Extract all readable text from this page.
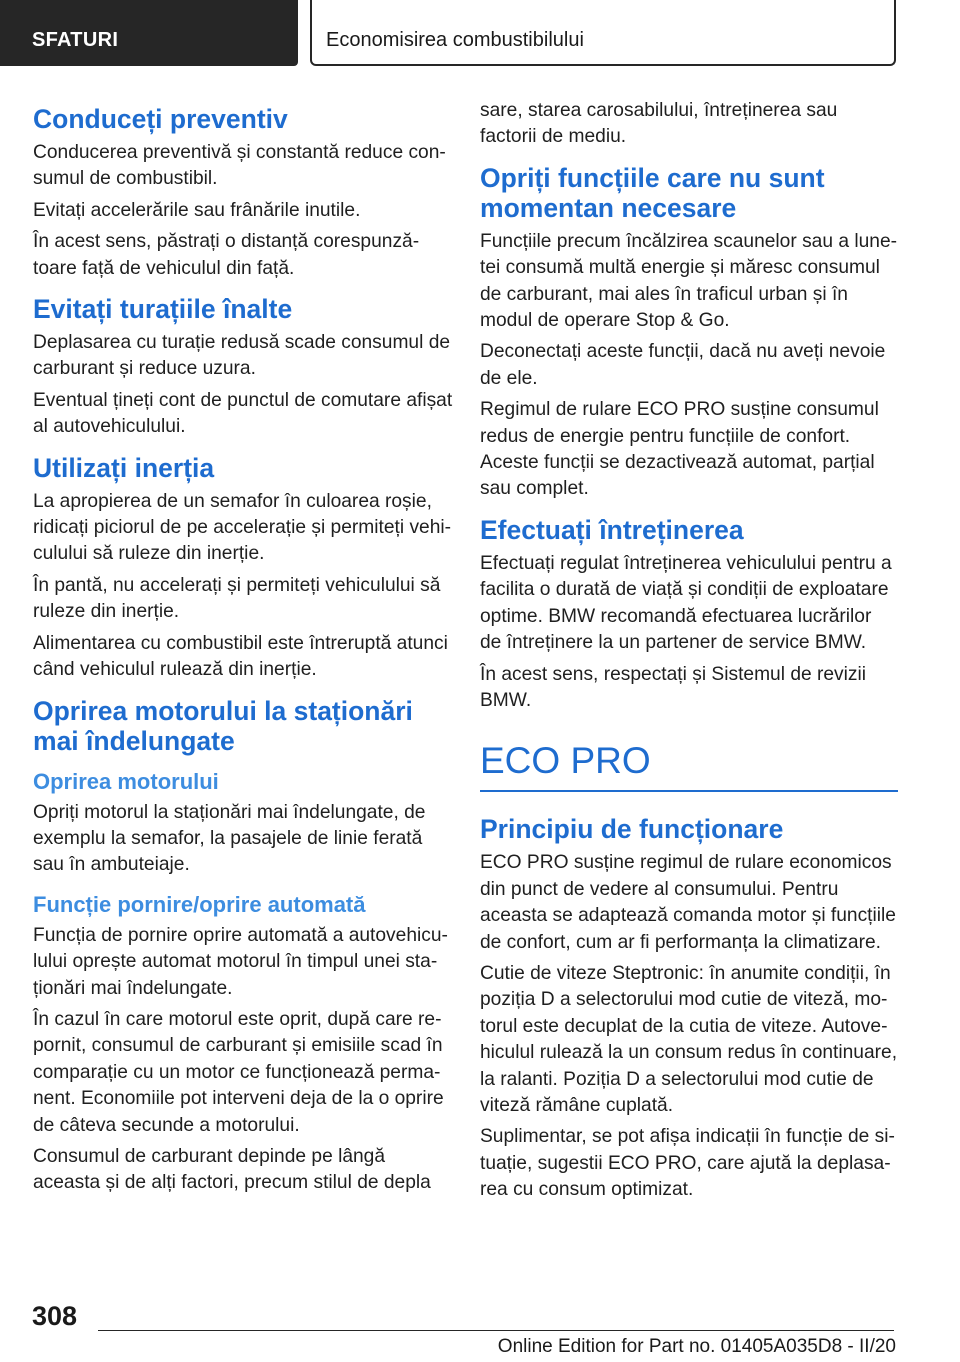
SFATURI	Economisirea combustibilului
Conduceți preventiv

Conducerea preventivă și constantă reduce consumul de combustibil.

Evitați accelerările sau frânările inutile.

În acest sens, păstrați o distanță corespunzătoare față de vehiculul din față.

Evitați turațiile înalte

Deplasarea cu turație redusă scade consumul de carburant și reduce uzura.

Eventual țineți cont de punctul de comutare afișat al autovehiculului.

Utilizați inerția

La apropierea de un semafor în culoarea roșie, ridicați piciorul de pe accelerație și permiteți vehiculului să ruleze din inerție.

În pantă, nu accelerați și permiteți vehiculului să ruleze din inerție.

Alimentarea cu combustibil este întreruptă atunci când vehiculul rulează din inerție.

Oprirea motorului la staționări mai îndelungate
Oprirea motorului

Opriți motorul la staționări mai îndelungate, de exemplu la semafor, la pasajele de linie ferată sau în ambuteiaje.

Funcție pornire/oprire automată

Funcția de pornire oprire automată a autovehiculului oprește automat motorul în timpul unei staționări mai îndelungate.

În cazul în care motorul este oprit, după care repornit, consumul de carburant și emisiile scad în comparație cu un motor ce funcționează permanent. Economiile pot interveni deja de la o oprire de câteva secunde a motorului.

Consumul de carburant depinde pe lângă aceasta și de alți factori, precum stilul de depla

sare, starea carosabilului, întreținerea sau factorii de mediu.

Opriți funcțiile care nu sunt momentan necesare

Funcțiile precum încălzirea scaunelor sau a lunetei consumă multă energie și măresc consumul de carburant, mai ales în traficul urban și în modul de operare Stop & Go.

Deconectați aceste funcții, dacă nu aveți nevoie de ele.

Regimul de rulare ECO PRO susține consumul redus de energie pentru funcțiile de confort. Aceste funcții se dezactivează automat, parțial sau complet.

Efectuați întreținerea

Efectuați regulat întreținerea vehiculului pentru a facilita o durată de viață și condiții de exploatare optime. BMW recomandă efectuarea lucrărilor de întreținere la un partener de service BMW.

În acest sens, respectați și Sistemul de revizii BMW.

ECO PRO
Principiu de funcționare

ECO PRO susține regimul de rulare economicos din punct de vedere al consumului. Pentru aceasta se adaptează comanda motor și funcțiile de confort, cum ar fi performanța la climatizare.

Cutie de viteze Steptronic: în anumite condiții, în poziția D a selectorului mod cutie de viteză, motorul este decuplat de la cutia de viteze. Autovehiculul rulează la un consum redus în continuare, la ralanti. Poziția D a selectorului mod cutie de viteză rămâne cuplată.

Suplimentar, se pot afișa indicații în funcție de situație, sugestii ECO PRO, care ajută la deplasarea cu consum optimizat.

308
Online Edition for Part no. 01405A035D8 - II/20
